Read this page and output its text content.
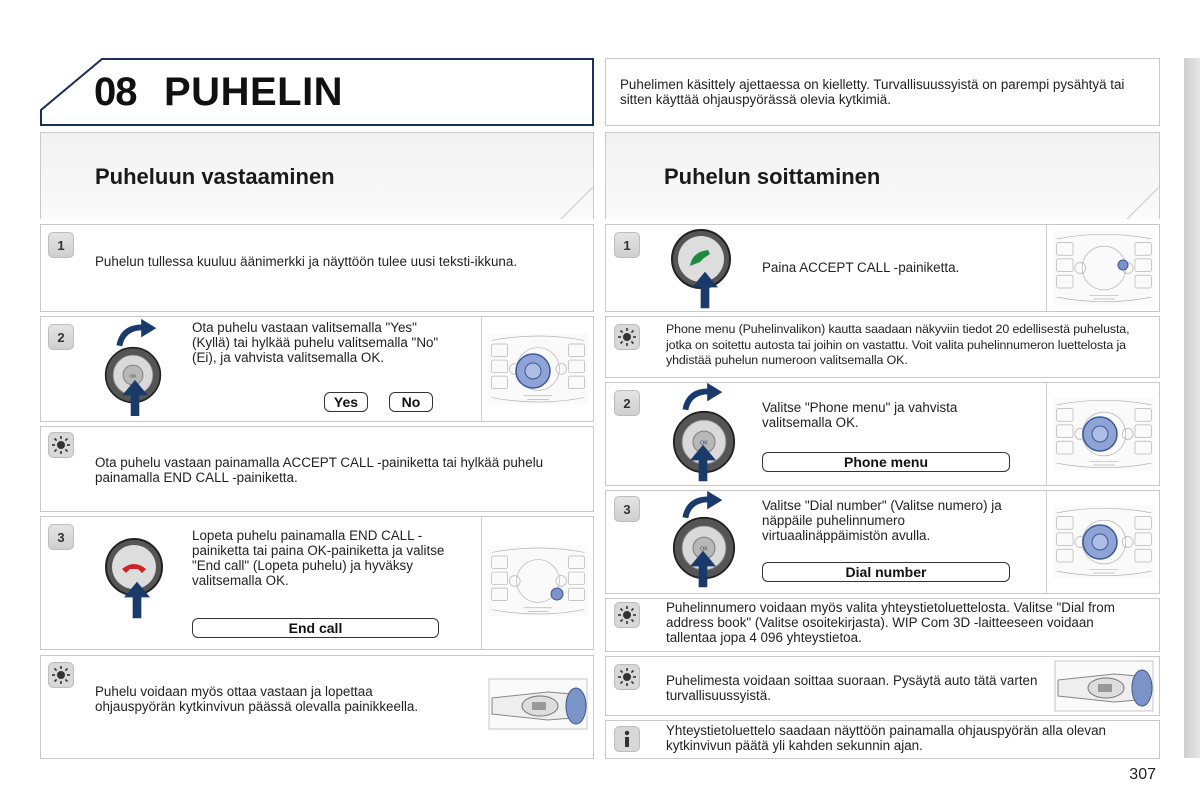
08 PUHELIN	Puhelimen käsittely ajettaessa on kielletty. Turvallisuussyistä on parempi pysähtyä tai sitten käyttää ohjauspyörässä olevia kytkimiä.
Puheluun vastaaminen
1
Puhelun tullessa kuuluu äänimerkki ja näyttöön tulee uusi teksti-ikkuna.
2
Ota puhelu vastaan valitsemalla "Yes" (Kyllä) tai hylkää puhelu valitsemalla "No" (Ei), ja vahvista valitsemalla OK.
Yes	No
Ota puhelu vastaan painamalla ACCEPT CALL -painiketta tai hylkää puhelu painamalla END CALL -painiketta.
3	Lopeta puhelu painamalla END CALL -painiketta tai paina OK-painiketta ja valitse "End call" (Lopeta puhelu) ja hyväksy valitsemalla OK.
End call
Puhelu voidaan myös ottaa vastaan ja lopettaa ohjauspyörän kytkinvivun päässä olevalla painikkeella.
Puhelun soittaminen
1
Paina ACCEPT CALL -painiketta.
Phone menu (Puhelinvalikon) kautta saadaan näkyviin tiedot 20 edellisestä puhelusta, jotka on soitettu autosta tai joihin on vastattu. Voit valita puhelinnumeron luettelosta ja yhdistää puhelun numeroon valitsemalla OK.
2	Valitse "Phone menu" ja vahvista valitsemalla OK.
Phone menu
3	Valitse "Dial number" (Valitse numero) ja näppäile puhelinnumero virtuaalinäppäimistön avulla.
Dial number
Puhelinnumero voidaan myös valita yhteystietoluettelosta. Valitse "Dial from address book" (Valitse osoitekirjasta). WIP Com 3D -laitteeseen voidaan tallentaa jopa 4 096 yhteystietoa.
Puhelimesta voidaan soittaa suoraan. Pysäytä auto tätä varten turvallisuussyistä.
Yhteystietoluettelo saadaan näyttöön painamalla ohjauspyörän alla olevan kytkinvivun päätä yli kahden sekunnin ajan.
307
